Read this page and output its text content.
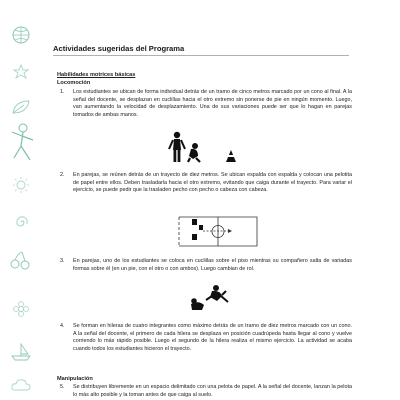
Actividades sugeridas del Programa
Habilidades motrices básicas
Locomoción
1. Los estudiantes se ubican de forma individual detrás de un tramo de cinco metros marcado por un cono al final. A la señal del docente, se desplazan en cuclillas hacia el otro extremo sin ponerse de pie en ningún momento. Luego, van aumentando la velocidad de desplazamiento. Una de sus variaciones puede ser que lo hagan en parejas tomados de ambas manos.

2. En parejas, se reúnen detrás de un trayecto de diez metros. Se ubican espalda con espalda y colocan una pelotita de papel entre ellos. Deben trasladarla hacia el otro extremo, evitando que caiga durante el trayecto. Para variar el ejercicio, se puede pedir que la trasladen pecho con pecho o cabeza con cabeza.

3. En parejas, uno de los estudiantes se coloca en cuclillas sobre el piso mientras su compañero salta de variadas formas sobre él (en un pie, con el otro o con ambos). Luego cambian de rol.

4. Se forman en hileras de cuatro integrantes como máximo detrás de un tramo de diez metros marcado con un cono. A la señal del docente, el primero de cada hilera se desplaza en posición cuadrúpeda hasta llegar al cono y vuelve corriendo lo más rápido posible. Luego el segundo de la hilera realiza el mismo ejercicio. La actividad se acaba cuando todos los estudiantes hicieron el trayecto.

Manipulación
5. Se distribuyen libremente en un espacio delimitado con una pelota de papel. A la señal del docente, lanzan la pelota lo más alto posible y la toman antes de que caiga al suelo.
